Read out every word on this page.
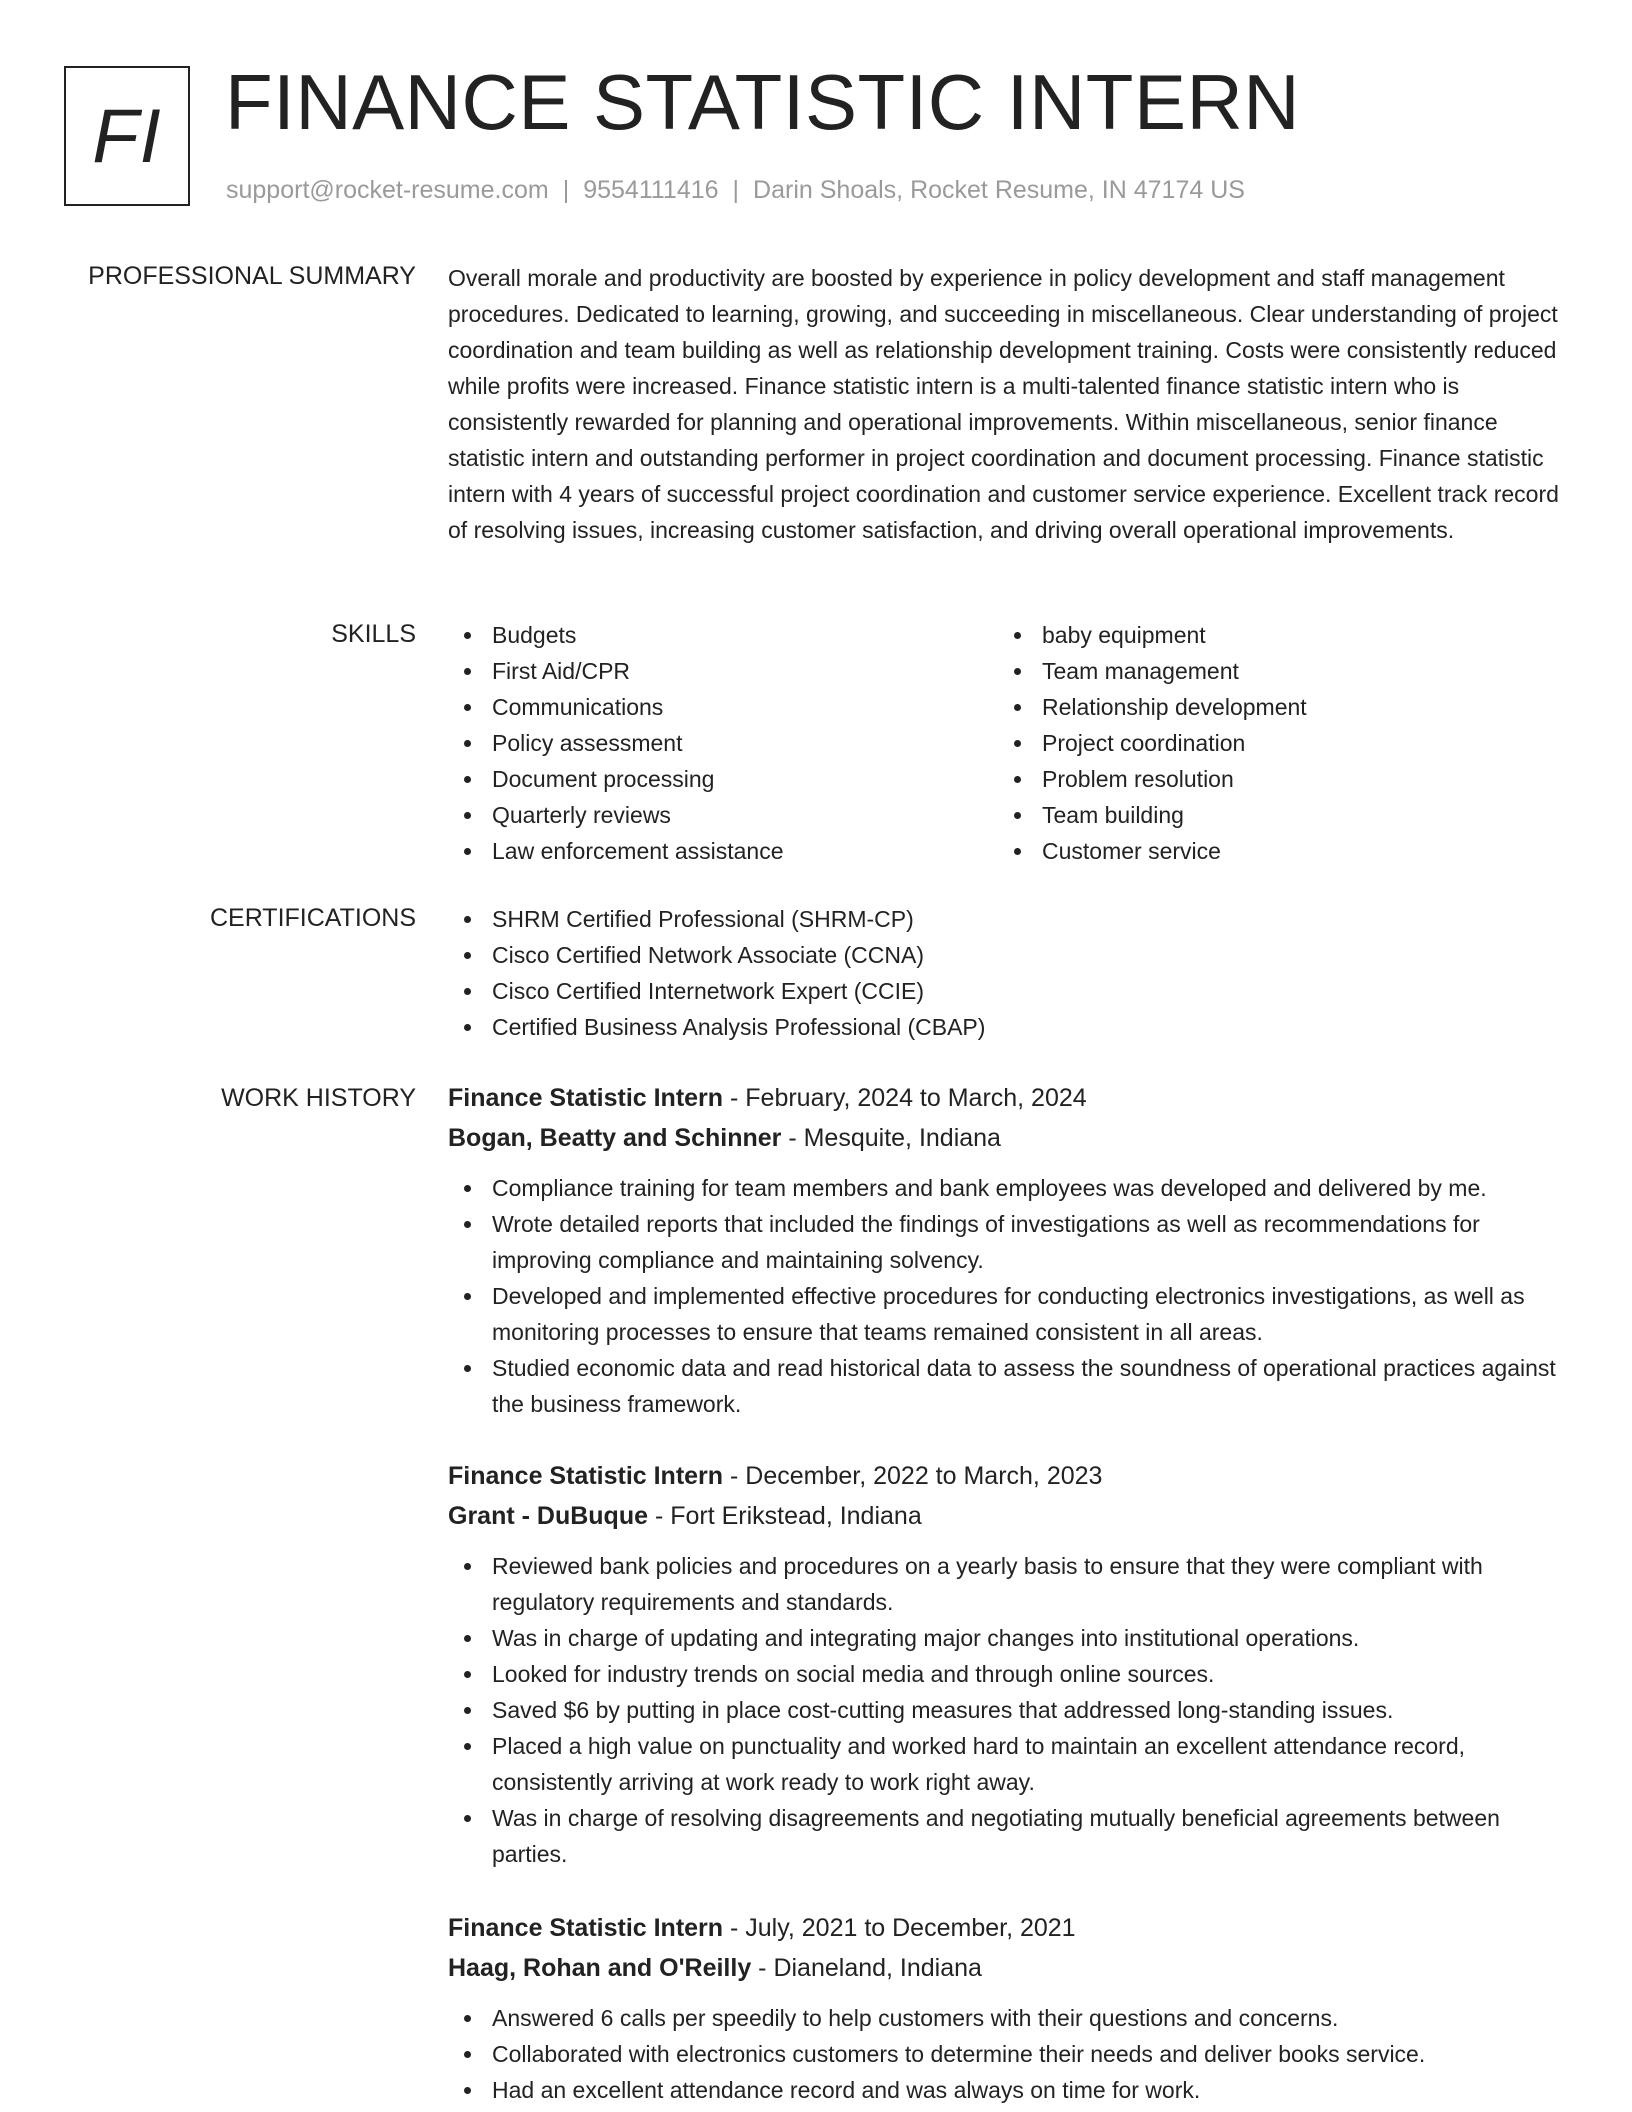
FI FINANCE STATISTIC INTERN
support@rocket-resume.com | 9554111416 | Darin Shoals, Rocket Resume, IN 47174 US
PROFESSIONAL SUMMARY Overall morale and productivity are boosted by experience in policy development and staff management procedures. Dedicated to learning, growing, and succeeding in miscellaneous. Clear understanding of project coordination and team building as well as relationship development training. Costs were consistently reduced while profits were increased. Finance statistic intern is a multi-talented finance statistic intern who is consistently rewarded for planning and operational improvements. Within miscellaneous, senior finance statistic intern and outstanding performer in project coordination and document processing. Finance statistic intern with 4 years of successful project coordination and customer service experience. Excellent track record of resolving issues, increasing customer satisfaction, and driving overall operational improvements.

SKILLS	Budgets
First Aid/CPR
Communications
Policy assessment
Document processing
Quarterly reviews
Law enforcement assistance
baby equipment
Team management
Relationship development
Project coordination
Problem resolution
Team building
Customer service
CERTIFICATIONS	SHRM Certified Professional (SHRM-CP)
Cisco Certified Network Associate (CCNA)
Cisco Certified Internetwork Expert (CCIE)
Certified Business Analysis Professional (CBAP)
WORK HISTORY Finance Statistic Intern - February, 2024 to March, 2024
Bogan, Beatty and Schinner - Mesquite, Indiana
Compliance training for team members and bank employees was developed and delivered by me.
Wrote detailed reports that included the findings of investigations as well as recommendations for improving compliance and maintaining solvency.
Developed and implemented effective procedures for conducting electronics investigations, as well as monitoring processes to ensure that teams remained consistent in all areas.
Studied economic data and read historical data to assess the soundness of operational practices against the business framework.
Finance Statistic Intern - December, 2022 to March, 2023
Grant - DuBuque - Fort Erikstead, Indiana
Reviewed bank policies and procedures on a yearly basis to ensure that they were compliant with regulatory requirements and standards.
Was in charge of updating and integrating major changes into institutional operations.
Looked for industry trends on social media and through online sources.
Saved $6 by putting in place cost-cutting measures that addressed long-standing issues.
Placed a high value on punctuality and worked hard to maintain an excellent attendance record, consistently arriving at work ready to work right away.
Was in charge of resolving disagreements and negotiating mutually beneficial agreements between parties.
Finance Statistic Intern - July, 2021 to December, 2021
Haag, Rohan and O'Reilly - Dianeland, Indiana
Answered 6 calls per speedily to help customers with their questions and concerns.
Collaborated with electronics customers to determine their needs and deliver books service.
Had an excellent attendance record and was always on time for work.
